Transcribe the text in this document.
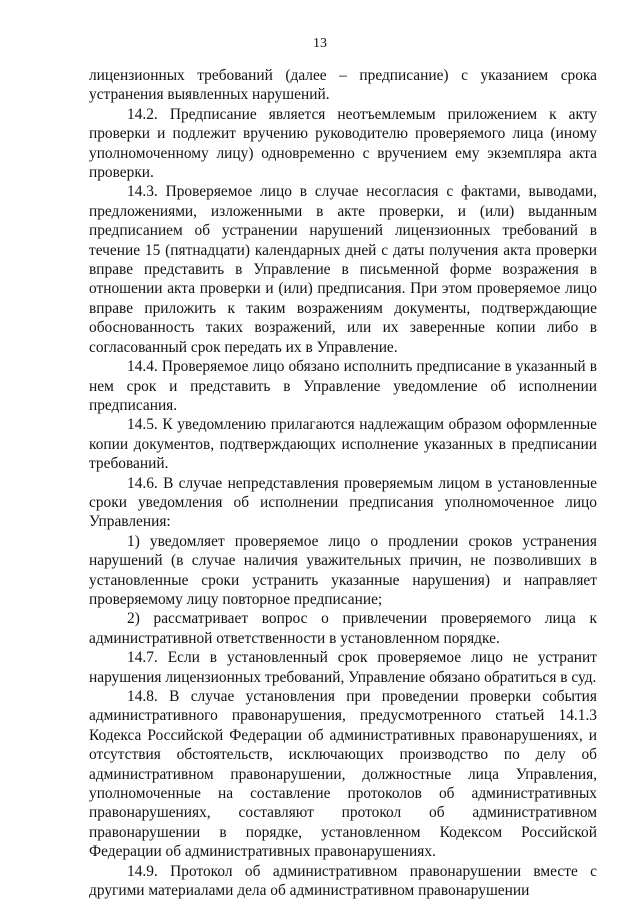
13

лицензионных требований (далее – предписание) с указанием срока устранения выявленных нарушений.

14.2. Предписание является неотъемлемым приложением к акту проверки и подлежит вручению руководителю проверяемого лица (иному уполномоченному лицу) одновременно с вручением ему экземпляра акта проверки.

14.3. Проверяемое лицо в случае несогласия с фактами, выводами, предложениями, изложенными в акте проверки, и (или) выданным предписанием об устранении нарушений лицензионных требований в течение 15 (пятнадцати) календарных дней с даты получения акта проверки вправе представить в Управление в письменной форме возражения в отношении акта проверки и (или) предписания. При этом проверяемое лицо вправе приложить к таким возражениям документы, подтверждающие обоснованность таких возражений, или их заверенные копии либо в согласованный срок передать их в Управление.

14.4. Проверяемое лицо обязано исполнить предписание в указанный в нем срок и представить в Управление уведомление об исполнении предписания.

14.5. К уведомлению прилагаются надлежащим образом оформленные копии документов, подтверждающих исполнение указанных в предписании требований.

14.6. В случае непредставления проверяемым лицом в установленные сроки уведомления об исполнении предписания уполномоченное лицо Управления:

1) уведомляет проверяемое лицо о продлении сроков устранения нарушений (в случае наличия уважительных причин, не позволивших в установленные сроки устранить указанные нарушения) и направляет проверяемому лицу повторное предписание;

2) рассматривает вопрос о привлечении проверяемого лица к административной ответственности в установленном порядке.

14.7. Если в установленный срок проверяемое лицо не устранит нарушения лицензионных требований, Управление обязано обратиться в суд.

14.8. В случае установления при проведении проверки события административного правонарушения, предусмотренного статьей 14.1.3 Кодекса Российской Федерации об административных правонарушениях, и отсутствия обстоятельств, исключающих производство по делу об административном правонарушении, должностные лица Управления, уполномоченные на составление протоколов об административных правонарушениях, составляют протокол об административном правонарушении в порядке, установленном Кодексом Российской Федерации об административных правонарушениях.

14.9. Протокол об административном правонарушении вместе с другими материалами дела об административном правонарушении
